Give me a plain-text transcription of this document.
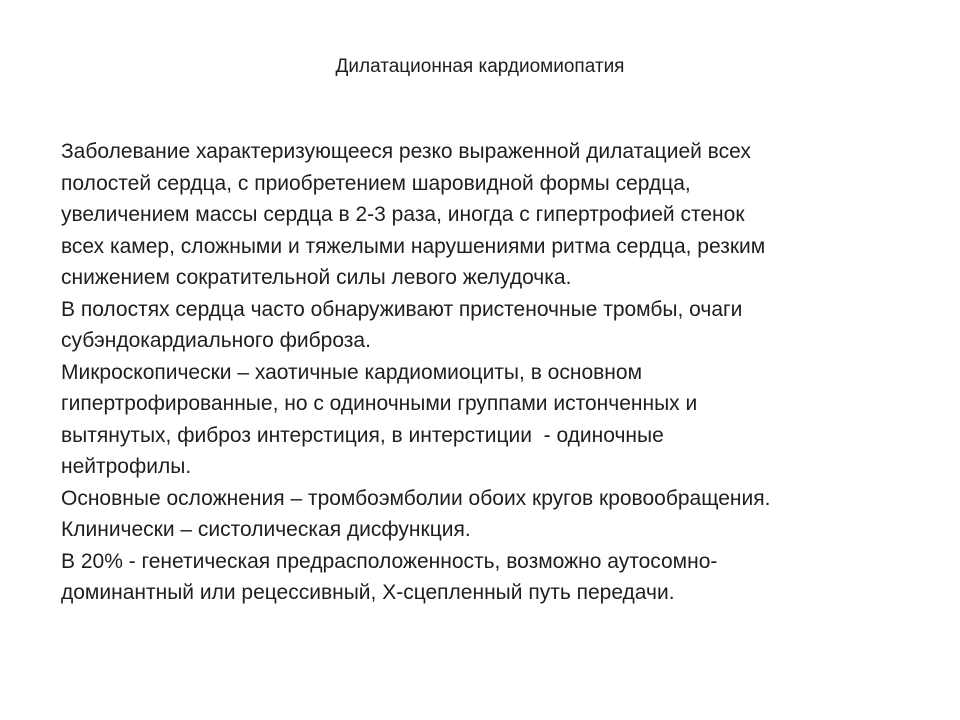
Дилатационная кардиомиопатия

Заболевание характеризующееся резко выраженной дилатацией всех

полостей сердца, с приобретением шаровидной формы сердца,

увеличением массы сердца в 2-3 раза, иногда с гипертрофией стенок

всех камер, сложными и тяжелыми нарушениями ритма сердца, резким

снижением сократительной силы левого желудочка.

В полостях сердца часто обнаруживают пристеночные тромбы, очаги

субэндокардиального фиброза.

Микроскопически – хаотичные кардиомиоциты, в основном

гипертрофированные, но с одиночными группами истонченных и

вытянутых, фиброз интерстиция, в интерстиции  - одиночные

нейтрофилы.

Основные осложнения – тромбоэмболии обоих кругов кровообращения.

Клинически – систолическая дисфункция.

В 20% - генетическая предрасположенность, возможно аутосомно-

доминантный или рецессивный, Х-сцепленный путь передачи.
